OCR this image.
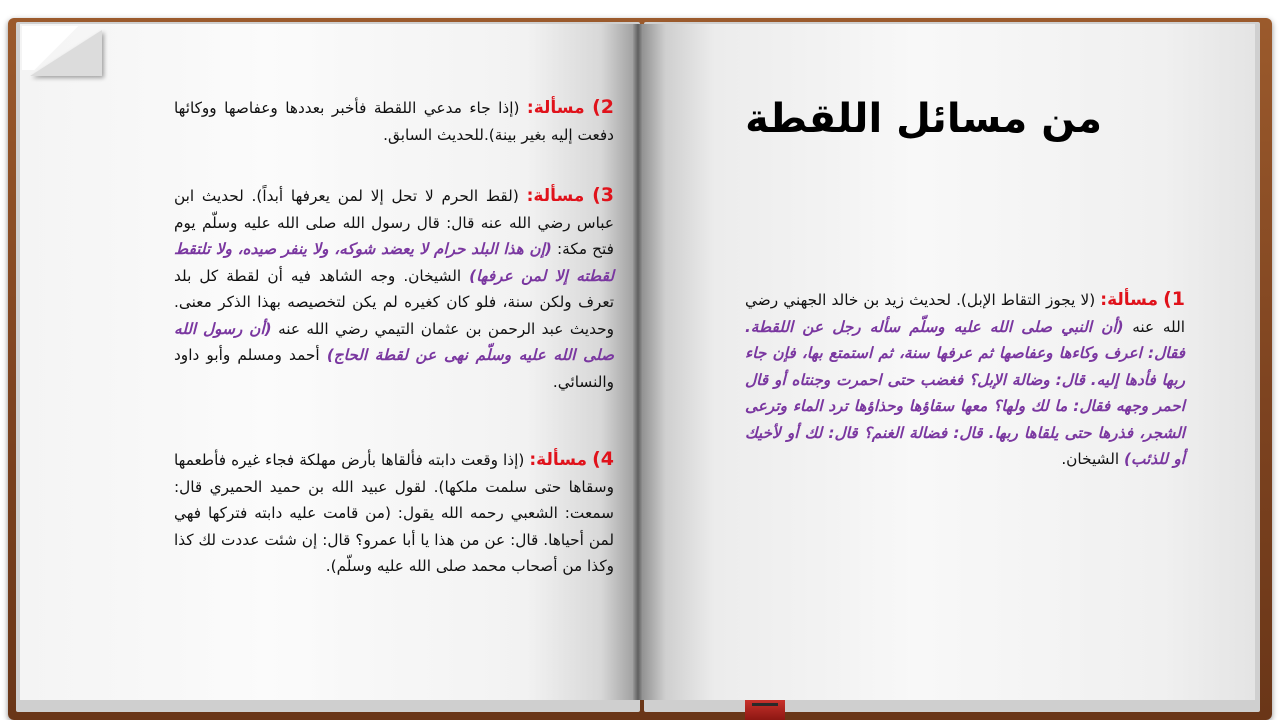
2) مسألة: (إذا جاء مدعي اللقطة فأخبر بعددها وعفاصها ووكائها دفعت إليه بغير بينة).للحديث السابق.
3) مسألة: (لقط الحرم لا تحل إلا لمن يعرفها أبداً). لحديث ابن عباس رضي الله عنه قال: قال رسول الله صلى الله عليه وسلّم يوم فتح مكة: (إن هذا البلد حرام لا يعضد شوكه، ولا ينفر صيده، ولا تلتقط لقطته إلا لمن عرفها) الشيخان. وجه الشاهد فيه أن لقطة كل بلد تعرف ولكن سنة، فلو كان كغيره لم يكن لتخصيصه بهذا الذكر معنى. وحديث عبد الرحمن بن عثمان التيمي رضي الله عنه (أن رسول الله صلى الله عليه وسلّم نهى عن لقطة الحاج) أحمد ومسلم وأبو داود والنسائي.
4) مسألة: (إذا وقعت دابته فألقاها بأرض مهلكة فجاء غيره فأطعمها وسقاها حتى سلمت ملكها). لقول عبيد الله بن حميد الحميري قال: سمعت: الشعبي رحمه الله يقول: (من قامت عليه دابته فتركها فهي لمن أحياها. قال: عن من هذا يا أبا عمرو؟ قال: إن شئت عددت لك كذا وكذا من أصحاب محمد صلى الله عليه وسلّم).
من مسائل اللقطة
1) مسألة: (لا يجوز التقاط الإبل). لحديث زيد بن خالد الجهني رضي الله عنه (أن النبي صلى الله عليه وسلّم سأله رجل عن اللقطة. فقال: اعرف وكاءها وعفاصها ثم عرفها سنة، ثم استمتع بها، فإن جاء ربها فأدها إليه. قال: وضالة الإبل؟ فغضب حتى احمرت وجنتاه أو قال احمر وجهه فقال: ما لك ولها؟ معها سقاؤها وحذاؤها ترد الماء وترعى الشجر، فذرها حتى يلقاها ربها. قال: فضالة الغنم؟ قال: لك أو لأخيك أو للذئب) الشيخان.
